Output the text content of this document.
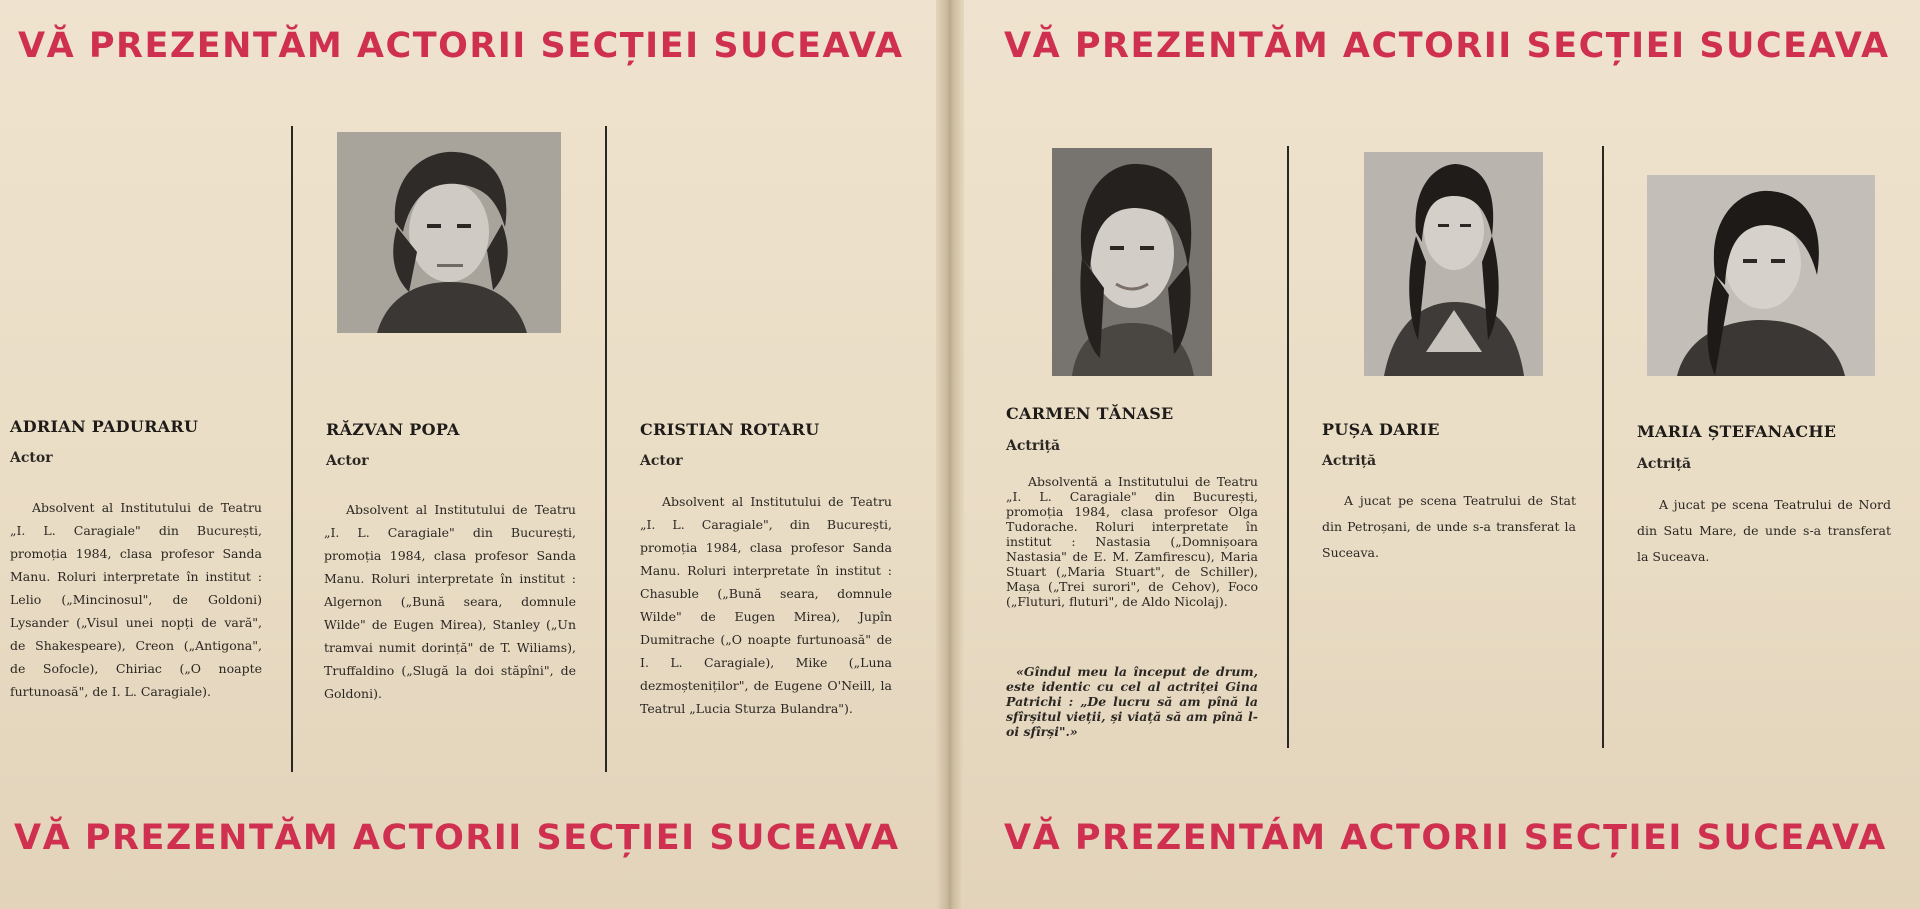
VĂ PREZENTĂM ACTORII SECȚIEI SUCEAVA	VĂ PREZENTĂM ACTORII SECȚIEI SUCEAVA
VĂ PREZENTĂM ACTORII SECȚIEI SUCEAVA	VĂ PREZENTÁM ACTORII SECȚIEI SUCEAVA
ADRIAN PADURARU
Actor

Absolvent al Institutului de Teatru „I. L. Caragiale" din București, promoția 1984, clasa profesor Sanda Manu. Roluri interpretate în institut : Lelio („Mincinosul", de Goldoni) Lysander („Visul unei nopți de vară", de Shakespeare), Creon („Antigona", de Sofocle), Chiriac („O noapte furtunoasă", de I. L. Caragiale).

RĂZVAN POPA
Actor

Absolvent al Institutului de Teatru „I. L. Caragiale" din București, promoția 1984, clasa profesor Sanda Manu. Roluri interpretate în institut : Algernon („Bună seara, domnule Wilde" de Eugen Mirea), Stanley („Un tramvai numit dorință" de T. Wiliams), Truffaldino („Slugă la doi stăpîni", de Goldoni).

CRISTIAN ROTARU
Actor

Absolvent al Institutului de Teatru „I. L. Caragiale", din București, promoția 1984, clasa profesor Sanda Manu. Roluri interpretate în institut : Chasuble („Bună seara, domnule Wilde" de Eugen Mirea), Jupîn Dumitrache („O noapte furtunoasă" de I. L. Caragiale), Mike („Luna dezmoșteniților", de Eugene O'Neill, la Teatrul „Lucia Sturza Bulandra").

CARMEN TĂNASE
Actriță

Absolventă a Institutului de Teatru „I. L. Caragiale" din București, promoția 1984, clasa profesor Olga Tudorache. Roluri interpretate în institut : Nastasia („Domnișoara Nastasia" de E. M. Zamfirescu), Maria Stuart („Maria Stuart", de Schiller), Mașa („Trei surori", de Cehov), Foco („Fluturi, fluturi", de Aldo Nicolaj).

«Gîndul meu la început de drum, este identic cu cel al actriței Gina Patrichi : „De lucru să am pînă la sfîrșitul vieții, și viață să am pînă l-oi sfîrși".»

PUȘA DARIE
Actriță

A jucat pe scena Teatrului de Stat din Petroșani, de unde s-a transferat la Suceava.

MARIA ȘTEFANACHE
Actriță

A jucat pe scena Teatrului de Nord din Satu Mare, de unde s-a transferat la Suceava.
